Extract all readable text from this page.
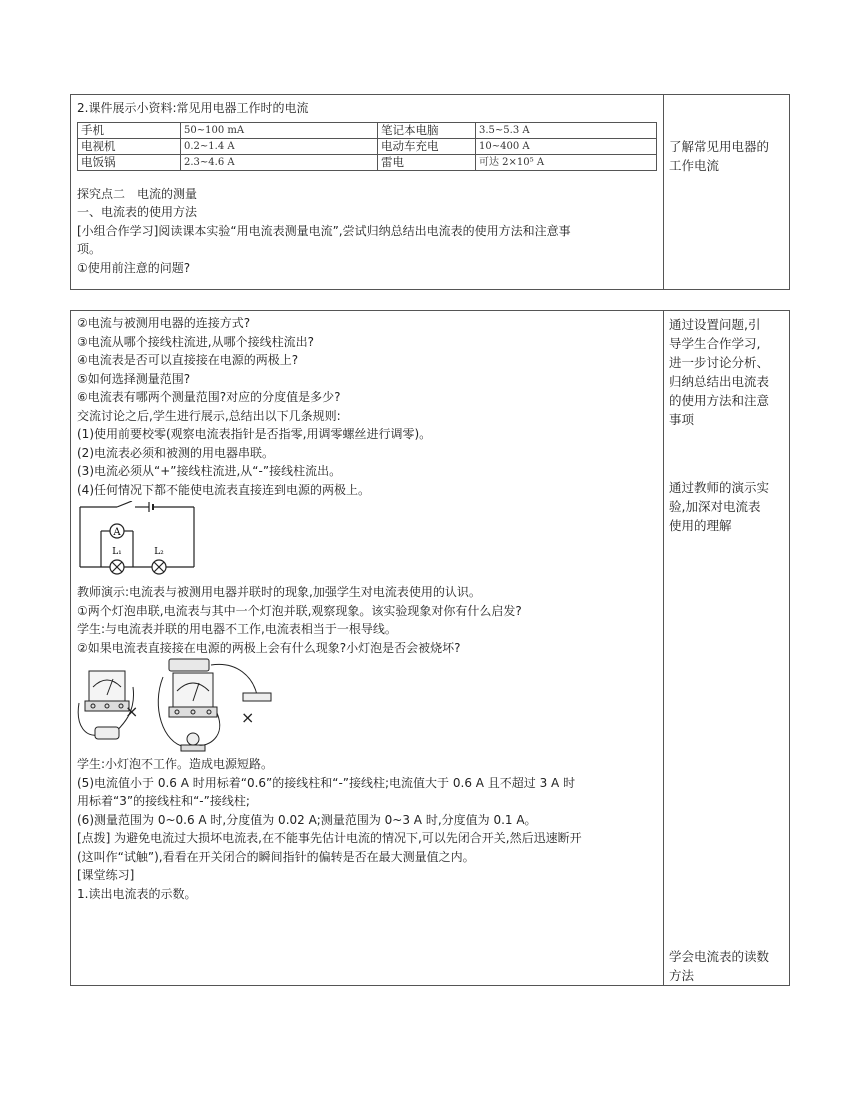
2.课件展示小资料:常见用电器工作时的电流
手机	50~100 mA	笔记本电脑	3.5~5.3 A
电视机	0.2~1.4 A	电动车充电	10~400 A
电饭锅	2.3~4.6 A	雷电	可达 2×10⁵ A
探究点二　电流的测量
一、电流表的使用方法
[小组合作学习]阅读课本实验“用电流表测量电流”,尝试归纳总结出电流表的使用方法和注意事
项。
①使用前注意的问题?
了解常见用电器的
工作电流
②电流与被测用电器的连接方式?
③电流从哪个接线柱流进,从哪个接线柱流出?
④电流表是否可以直接接在电源的两极上?
⑤如何选择测量范围?
⑥电流表有哪两个测量范围?对应的分度值是多少?
交流讨论之后,学生进行展示,总结出以下几条规则:
(1)使用前要校零(观察电流表指针是否指零,用调零螺丝进行调零)。
(2)电流表必须和被测的用电器串联。
(3)电流必须从“+”接线柱流进,从“-”接线柱流出。
(4)任何情况下都不能使电流表直接连到电源的两极上。
A
L₁	L₂
教师演示:电流表与被测用电器并联时的现象,加强学生对电流表使用的认识。
①两个灯泡串联,电流表与其中一个灯泡并联,观察现象。该实验现象对你有什么启发?
学生:与电流表并联的用电器不工作,电流表相当于一根导线。
②如果电流表直接接在电源的两极上会有什么现象?小灯泡是否会被烧坏?
×	×
学生:小灯泡不工作。造成电源短路。
(5)电流值小于 0.6 A 时用标着“0.6”的接线柱和“-”接线柱;电流值大于 0.6 A 且不超过 3 A 时
用标着“3”的接线柱和“-”接线柱;
(6)测量范围为 0~0.6 A 时,分度值为 0.02 A;测量范围为 0~3 A 时,分度值为 0.1 A。
[点拨] 为避免电流过大损坏电流表,在不能事先估计电流的情况下,可以先闭合开关,然后迅速断开
(这叫作“试触”),看看在开关闭合的瞬间指针的偏转是否在最大测量值之内。
[课堂练习]
1.读出电流表的示数。
通过设置问题,引
导学生合作学习,
进一步讨论分析、
归纳总结出电流表
的使用方法和注意
事项
通过教师的演示实
验,加深对电流表
使用的理解
学会电流表的读数
方法
